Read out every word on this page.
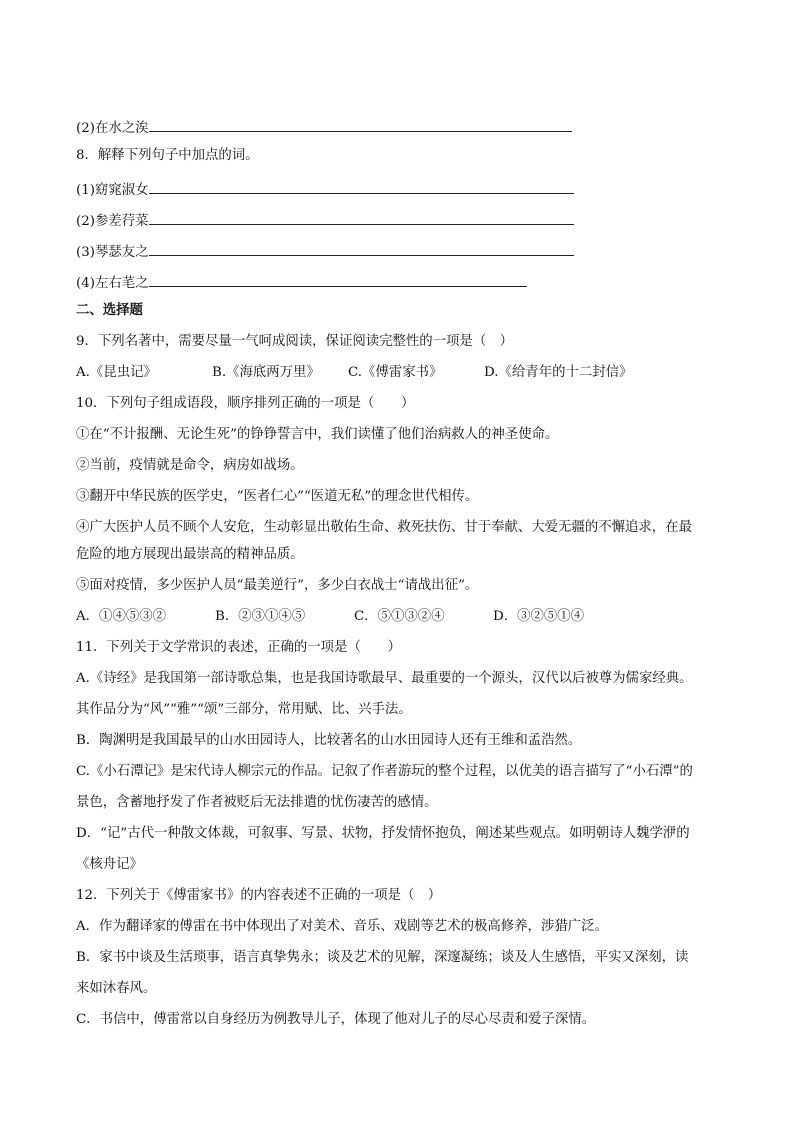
(2)在水之涘
8．解释下列句子中加点的词。
(1)窈窕淑女
(2)参差荇菜
(3)琴瑟友之
(4)左右芼之
二、选择题
9．下列名著中，需要尽量一气呵成阅读，保证阅读完整性的一项是（　）
A.《昆虫记》	B.《海底两万里》 C.《傅雷家书》	D.《给青年的十二封信》
10．下列句子组成语段，顺序排列正确的一项是（　　）
①在“不计报酬、无论生死”的铮铮誓言中，我们读懂了他们治病救人的神圣使命。
②当前，疫情就是命令，病房如战场。
③翻开中华民族的医学史，“医者仁心”“医道无私”的理念世代相传。
④广大医护人员不顾个人安危，生动彰显出敬佑生命、救死扶伤、甘于奉献、大爱无疆的不懈追求，在最
危险的地方展现出最崇高的精神品质。
⑤面对疫情，多少医护人员“最美逆行”，多少白衣战士“请战出征”。
A．①④⑤③②	B．②③①④⑤	C．⑤①③②④	D．③②⑤①④
11．下列关于文学常识的表述，正确的一项是（　　）
A.《诗经》是我国第一部诗歌总集，也是我国诗歌最早、最重要的一个源头，汉代以后被尊为儒家经典。
其作品分为“风”“雅”“颂”三部分，常用赋、比、兴手法。
B．陶渊明是我国最早的山水田园诗人，比较著名的山水田园诗人还有王维和孟浩然。
C.《小石潭记》是宋代诗人柳宗元的作品。记叙了作者游玩的整个过程，以优美的语言描写了“小石潭”的
景色，含蓄地抒发了作者被贬后无法排遣的忧伤凄苦的感情。
D．“记”古代一种散文体裁，可叙事、写景、状物，抒发情怀抱负，阐述某些观点。如明朝诗人魏学洢的
《核舟记》
12．下列关于《傅雷家书》的内容表述不正确的一项是（　）
A．作为翻译家的傅雷在书中体现出了对美术、音乐、戏剧等艺术的极高修养，涉猎广泛。
B．家书中谈及生活琐事，语言真挚隽永；谈及艺术的见解，深邃凝练；谈及人生感悟，平实又深刻，读
来如沐春风。
C．书信中，傅雷常以自身经历为例教导儿子，体现了他对儿子的尽心尽责和爱子深情。
